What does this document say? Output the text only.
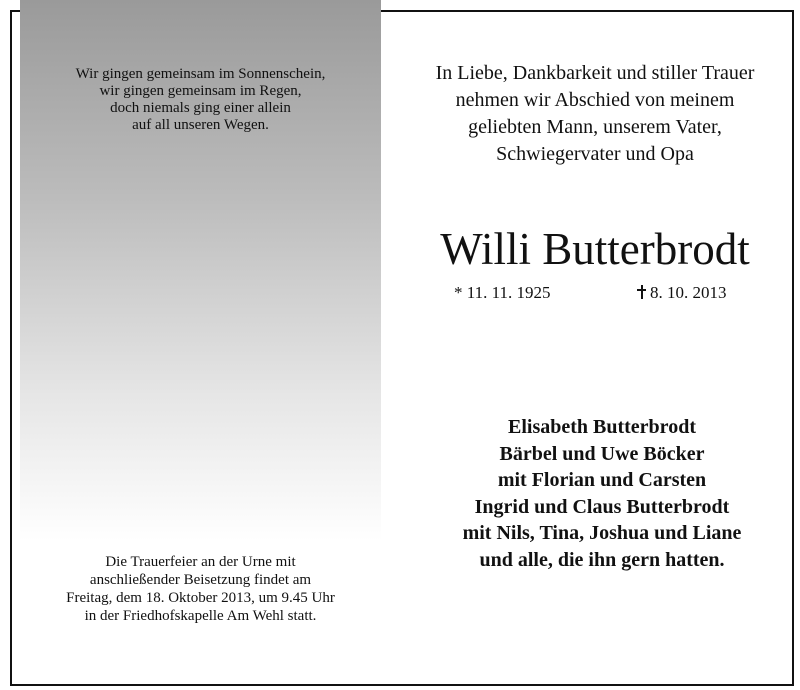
Wir gingen gemeinsam im Sonnenschein,
wir gingen gemeinsam im Regen,
doch niemals ging einer allein
auf all unseren Wegen.
Die Trauerfeier an der Urne mit
anschließender Beisetzung findet am
Freitag, dem 18. Oktober 2013, um 9.45 Uhr
in der Friedhofskapelle Am Wehl statt.
In Liebe, Dankbarkeit und stiller Trauer
nehmen wir Abschied von meinem
geliebten Mann, unserem Vater,
Schwiegervater und Opa
Willi Butterbrodt
* 11. 11. 1925	8. 10. 2013
Elisabeth Butterbrodt
Bärbel und Uwe Böcker
mit Florian und Carsten
Ingrid und Claus Butterbrodt
mit Nils, Tina, Joshua und Liane
und alle, die ihn gern hatten.
